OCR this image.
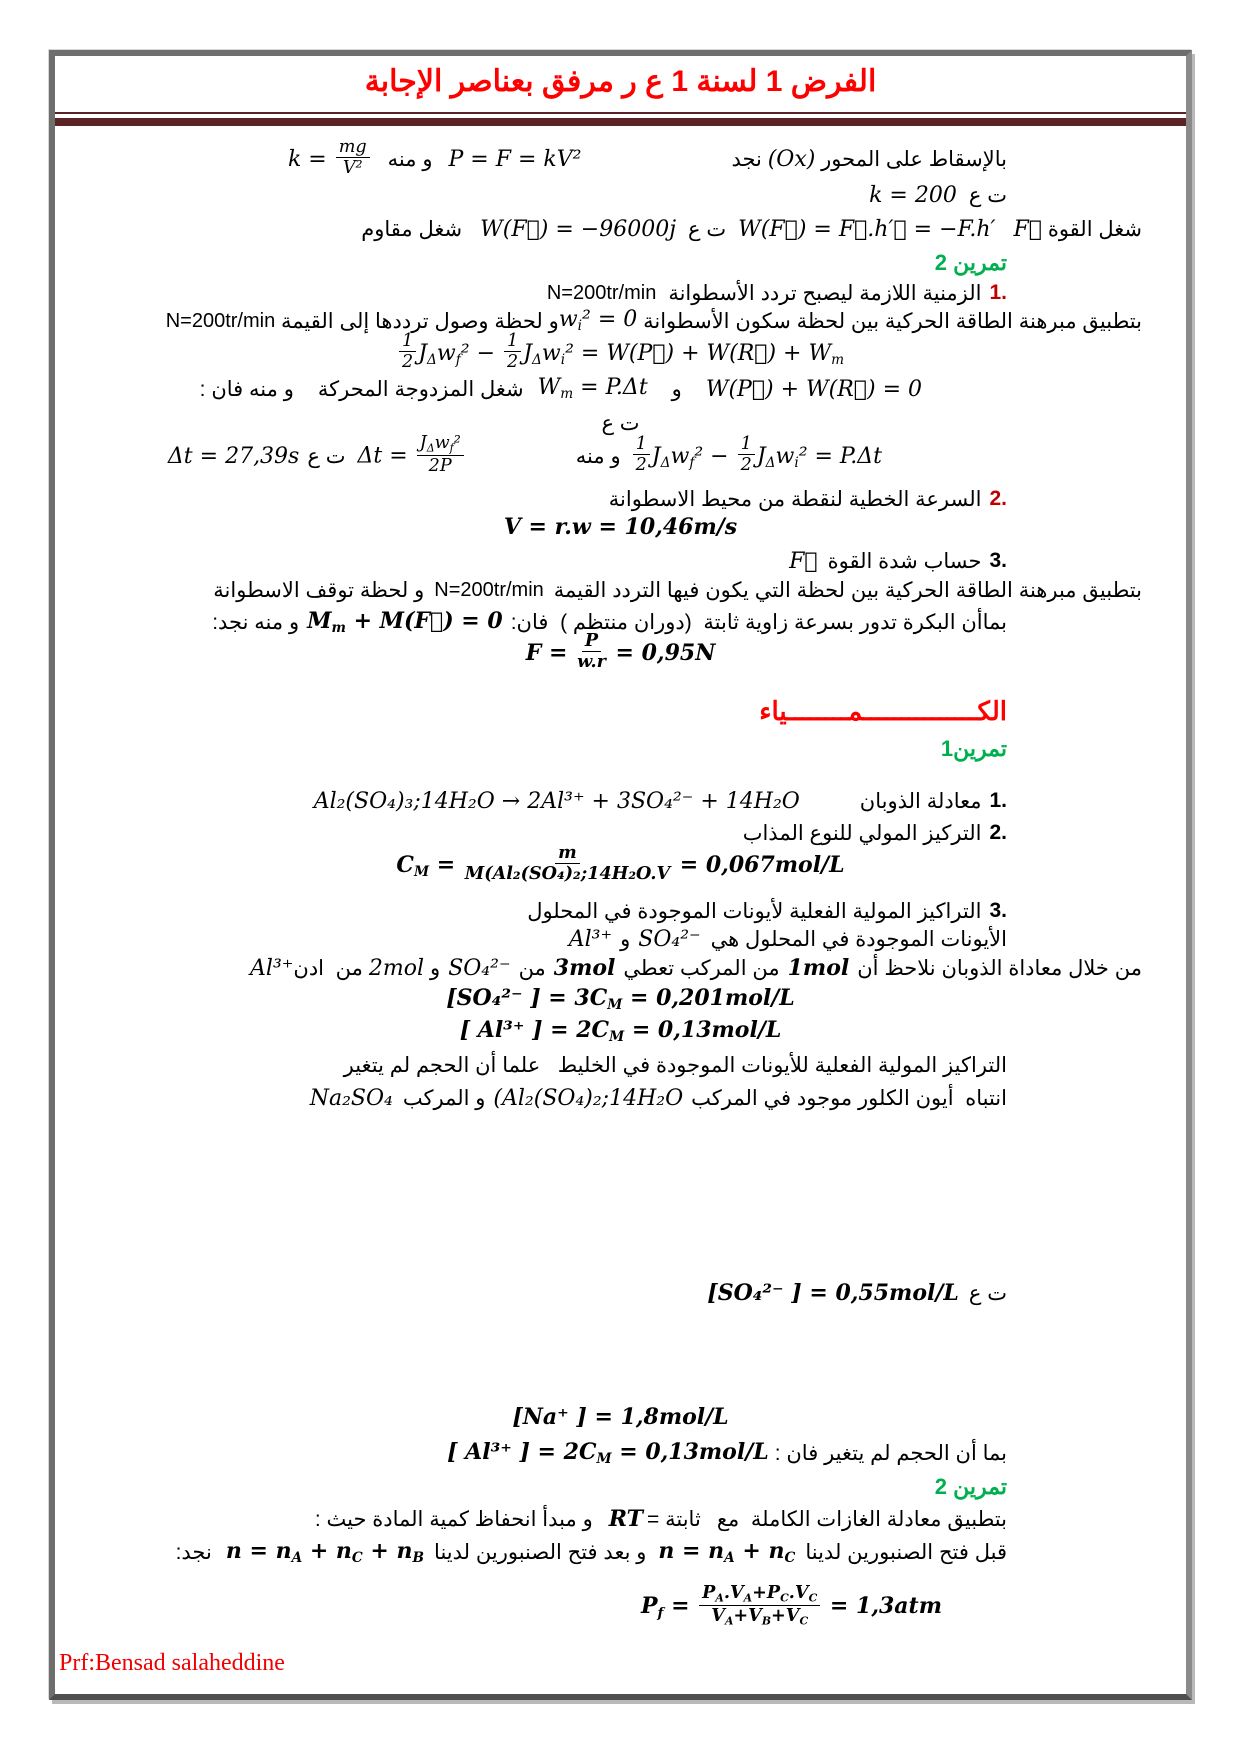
الفرض 1 لسنة 1 ع ر مرفق بعناصر الإجابة
بالإسقاط على المحور
(Ox)
نجد
P = F = kV²
و منه
$k = \frac{mg}{\text{V²}}$
ت ع
k = 200
شغل القوة
F⃗
W(F⃗) = F⃗.h′⃗ = −F.h′
ت ع
W(F⃗) = −96000j
شغل مقاوم
تمرين 2
1.
الزمنية اللازمة ليصبح تردد الأسطوانة
N=200tr/min
بتطبيق مبرهنة الطاقة الحركية بين لحظة سكون الأسطوانة
$w_i^2 = 0$
و لحظة وصول ترددها إلى القيمة
N=200tr/min
$\frac{1}{2} J_\Delta w_f^2 - \frac{1}{2} J_\Delta w_i^2$ = W(P⃗) + W(R⃗) + $W_m$
W(P⃗) + W(R⃗) = 0
و
$W_m = P.\Delta t$
شغل المزدوجة المحركة
و منه فان :
ت ع
$\frac{1}{2} J_\Delta w_f^2 - \frac{1}{2} J_\Delta w_i^2 = P.\Delta t$
و منه
$\Delta t = \frac{J_\Delta w_f^2}{2P}$
ت ع
Δt = 27,39s
2.
السرعة الخطية لنقطة من محيط الاسطوانة
V = r.w = 10,46m/s
3.
حساب شدة القوة
F⃗
بتطبيق مبرهنة الطاقة الحركية بين لحظة التي يكون فيها التردد القيمة
N=200tr/min
و لحظة توقف الاسطوانة
بماأن البكرة تدور بسرعة زاوية ثابتة  (دوران منتظم )  فان:
$M_m$ + M(F⃗) = 0
و منه نجد:
$F = \frac{P}{w.r} = 0,95N$
الكـــــــــــــــمــــــــياء
تمرين1
1.
معادلة الذوبان
Al₂(SO₄)₃;14H₂O → 2Al³⁺ + 3SO₄²⁻ + 14H₂O
2.
التركيز المولي للنوع المذاب
$C_M = \frac{m}{\text{M(Al₂(SO₄)₂;14H₂O.V}} = 0,067mol/L$
3.
التراكيز المولية الفعلية لأيونات الموجودة في المحلول
الأيونات الموجودة في المحلول هي
SO₄²⁻
و
Al³⁺
من خلال معاداة الذوبان نلاحظ أن
1mol
من المركب تعطي
3mol
من
SO₄²⁻
و
2mol
من  ادن
Al³⁺
[SO₄²⁻ ] = $3C_M = 0,201mol/L$
[ Al³⁺ ] = $2C_M = 0,13mol/L$
التراكيز المولية الفعلية للأيونات الموجودة في الخليط   علما أن الحجم لم يتغير
انتباه  أيون الكلور موجود في المركب
(Al₂(SO₄)₂;14H₂O
و المركب
Na₂SO₄
ت ع
[SO₄²⁻ ] = 0,55mol/L
[Na⁺ ] = 1,8mol/L
بما أن الحجم لم يتغير فان :
[ Al³⁺ ] = $2C_M = 0,13mol/L$
تمرين 2
بتطبيق معادلة الغازات الكاملة  مع
ثابتة =
RT
و مبدأ انحفاظ كمية المادة حيث :
قبل فتح الصنبورين لدينا
$n = n_A + n_C$
و بعد فتح الصنبورين لدينا
$n = n_A + n_C + n_B$
نجد:
$P_f = \frac{P_A.V_A+P_C.V_C}{V_A+V_B+V_C} = 1,3atm$
Prf:Bensad salaheddine
